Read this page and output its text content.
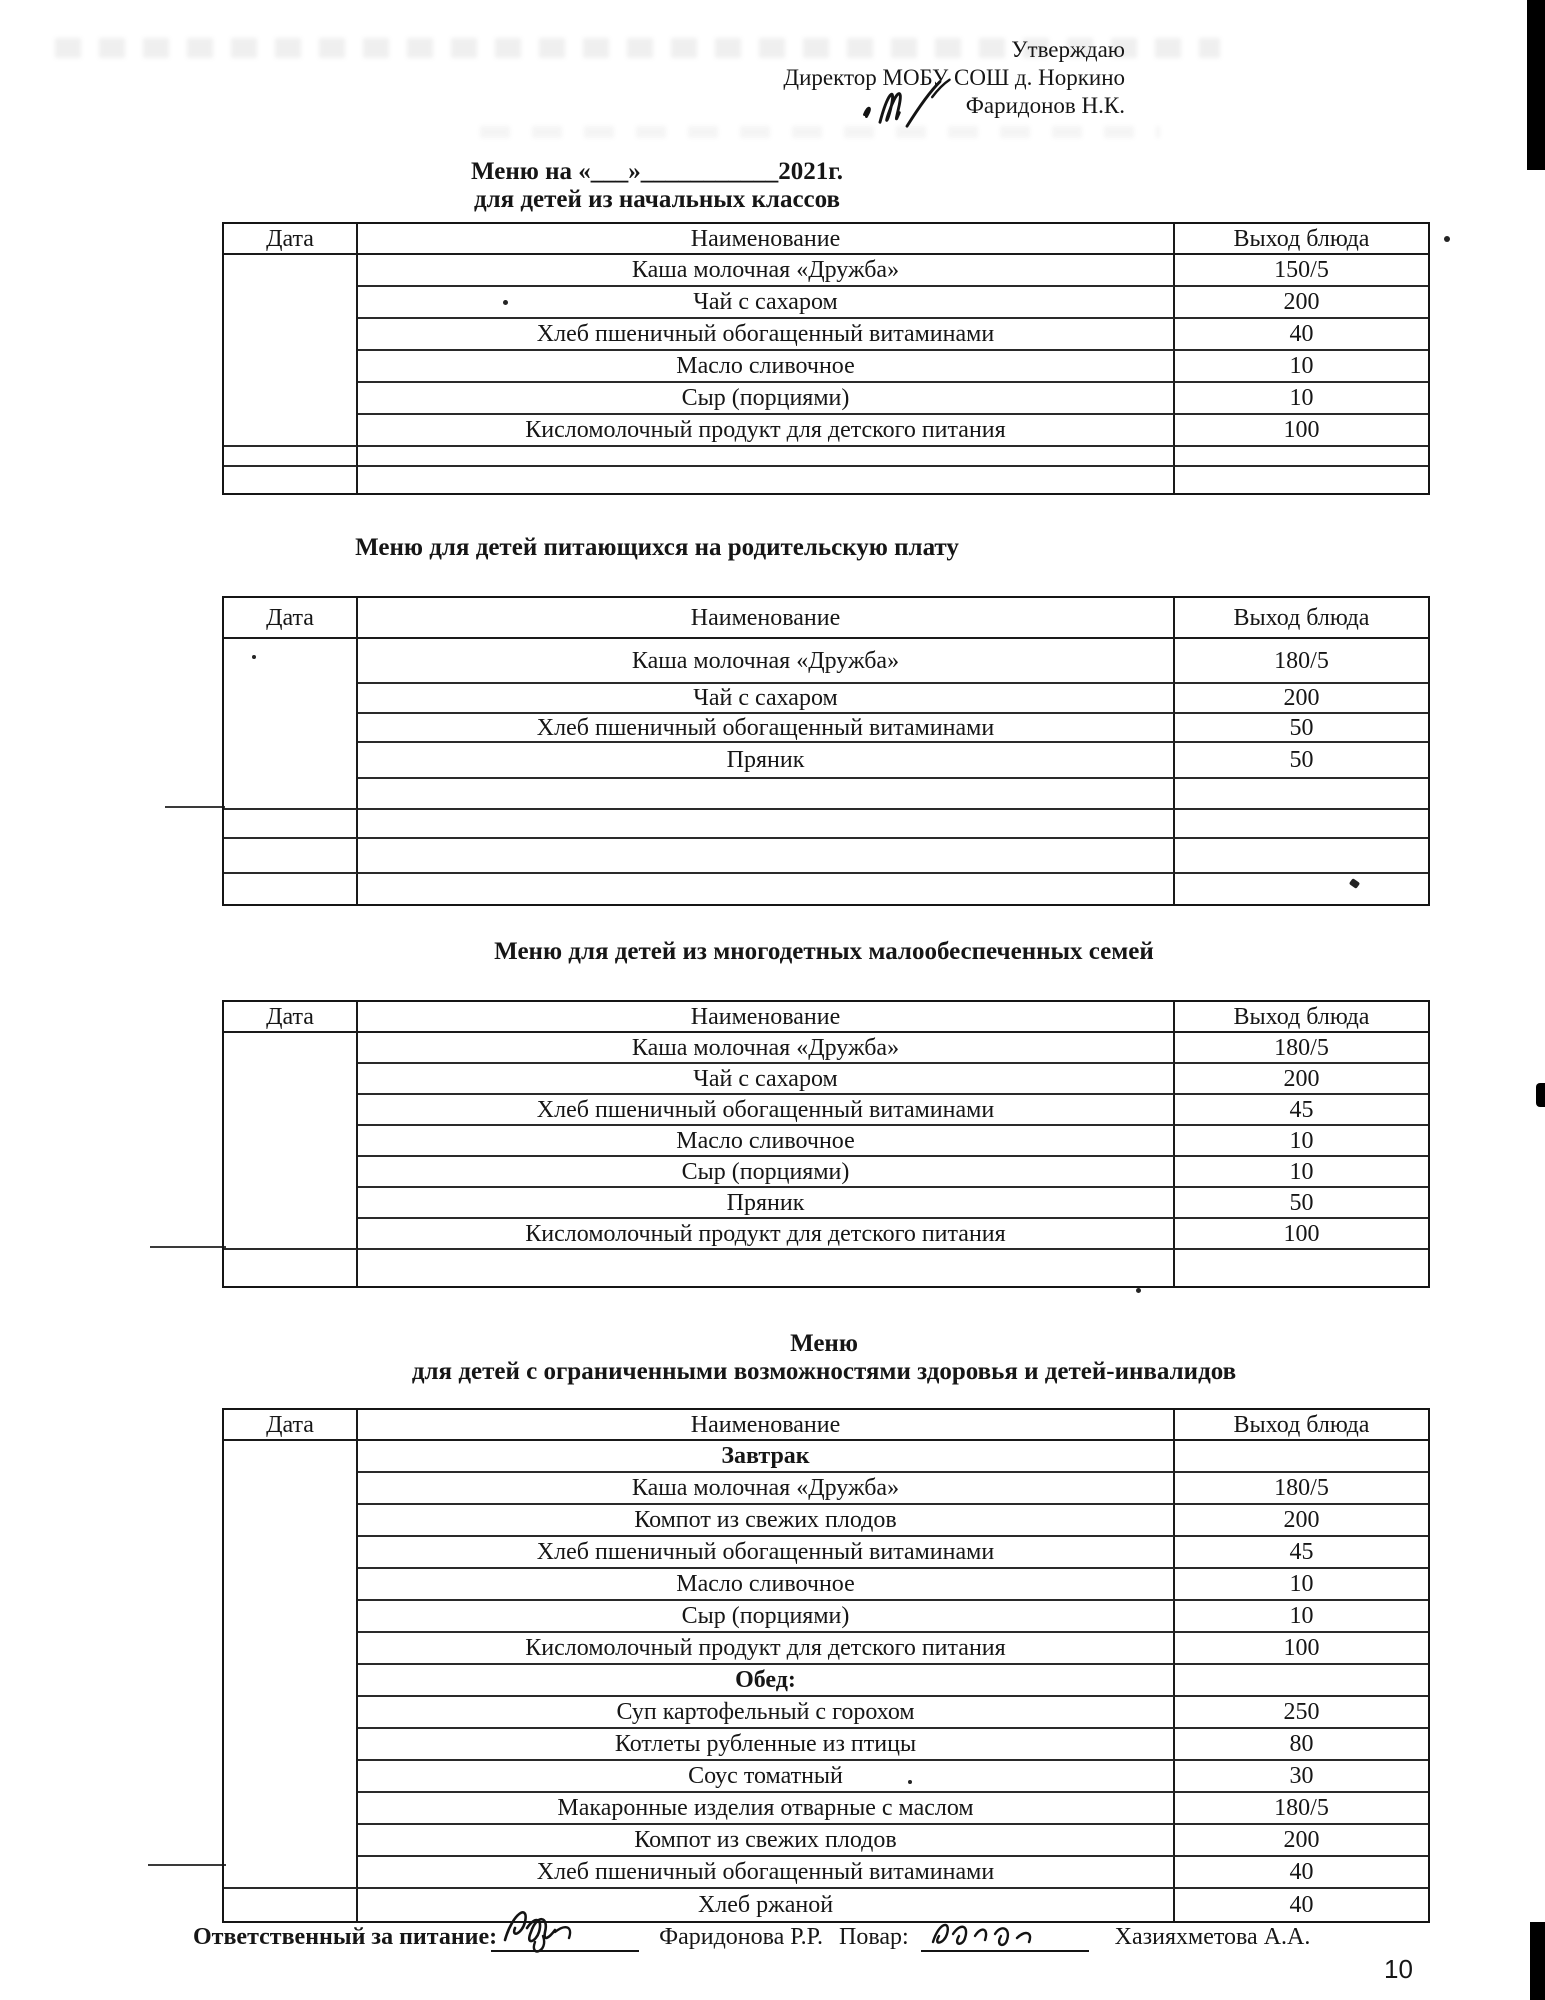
Утверждаю
Директор МОБУ СОШ д. Норкино
Фаридонов Н.К.
Меню на «___»___________2021г.
для детей из начальных классов
Меню для детей питающихся на родительскую плату
Меню для детей из многодетных малообеспеченных семей
Меню
для детей с ограниченными возможностями здоровья и детей-инвалидов
Дата	Наименование	Выход блюда
Каша молочная «Дружба»	150/5
Чай с сахаром	200
Хлеб пшеничный обогащенный витаминами	40
Масло сливочное	10
Сыр (порциями)	10
Кисломолочный продукт для детского питания	100
Дата	Наименование	Выход блюда
Каша молочная «Дружба»	180/5
Чай с сахаром	200
Хлеб пшеничный обогащенный витаминами	50
Пряник	50
Дата	Наименование	Выход блюда
Каша молочная «Дружба»	180/5
Чай с сахаром	200
Хлеб пшеничный обогащенный витаминами	45
Масло сливочное	10
Сыр (порциями)	10
Пряник	50
Кисломолочный продукт для детского питания	100
Дата	Наименование	Выход блюда
Завтрак
Каша молочная «Дружба»	180/5
Компот из свежих плодов	200
Хлеб пшеничный обогащенный витаминами	45
Масло сливочное	10
Сыр (порциями)	10
Кисломолочный продукт для детского питания	100
Обед:
Суп картофельный с горохом	250
Котлеты рубленные из птицы	80
Соус томатный	30
Макаронные изделия отварные с маслом	180/5
Компот из свежих плодов	200
Хлеб пшеничный обогащенный витаминами	40
Хлеб ржаной	40
Ответственный за питание:	Фаридонова Р.Р. Повар:	Хазияхметова А.А.
10
